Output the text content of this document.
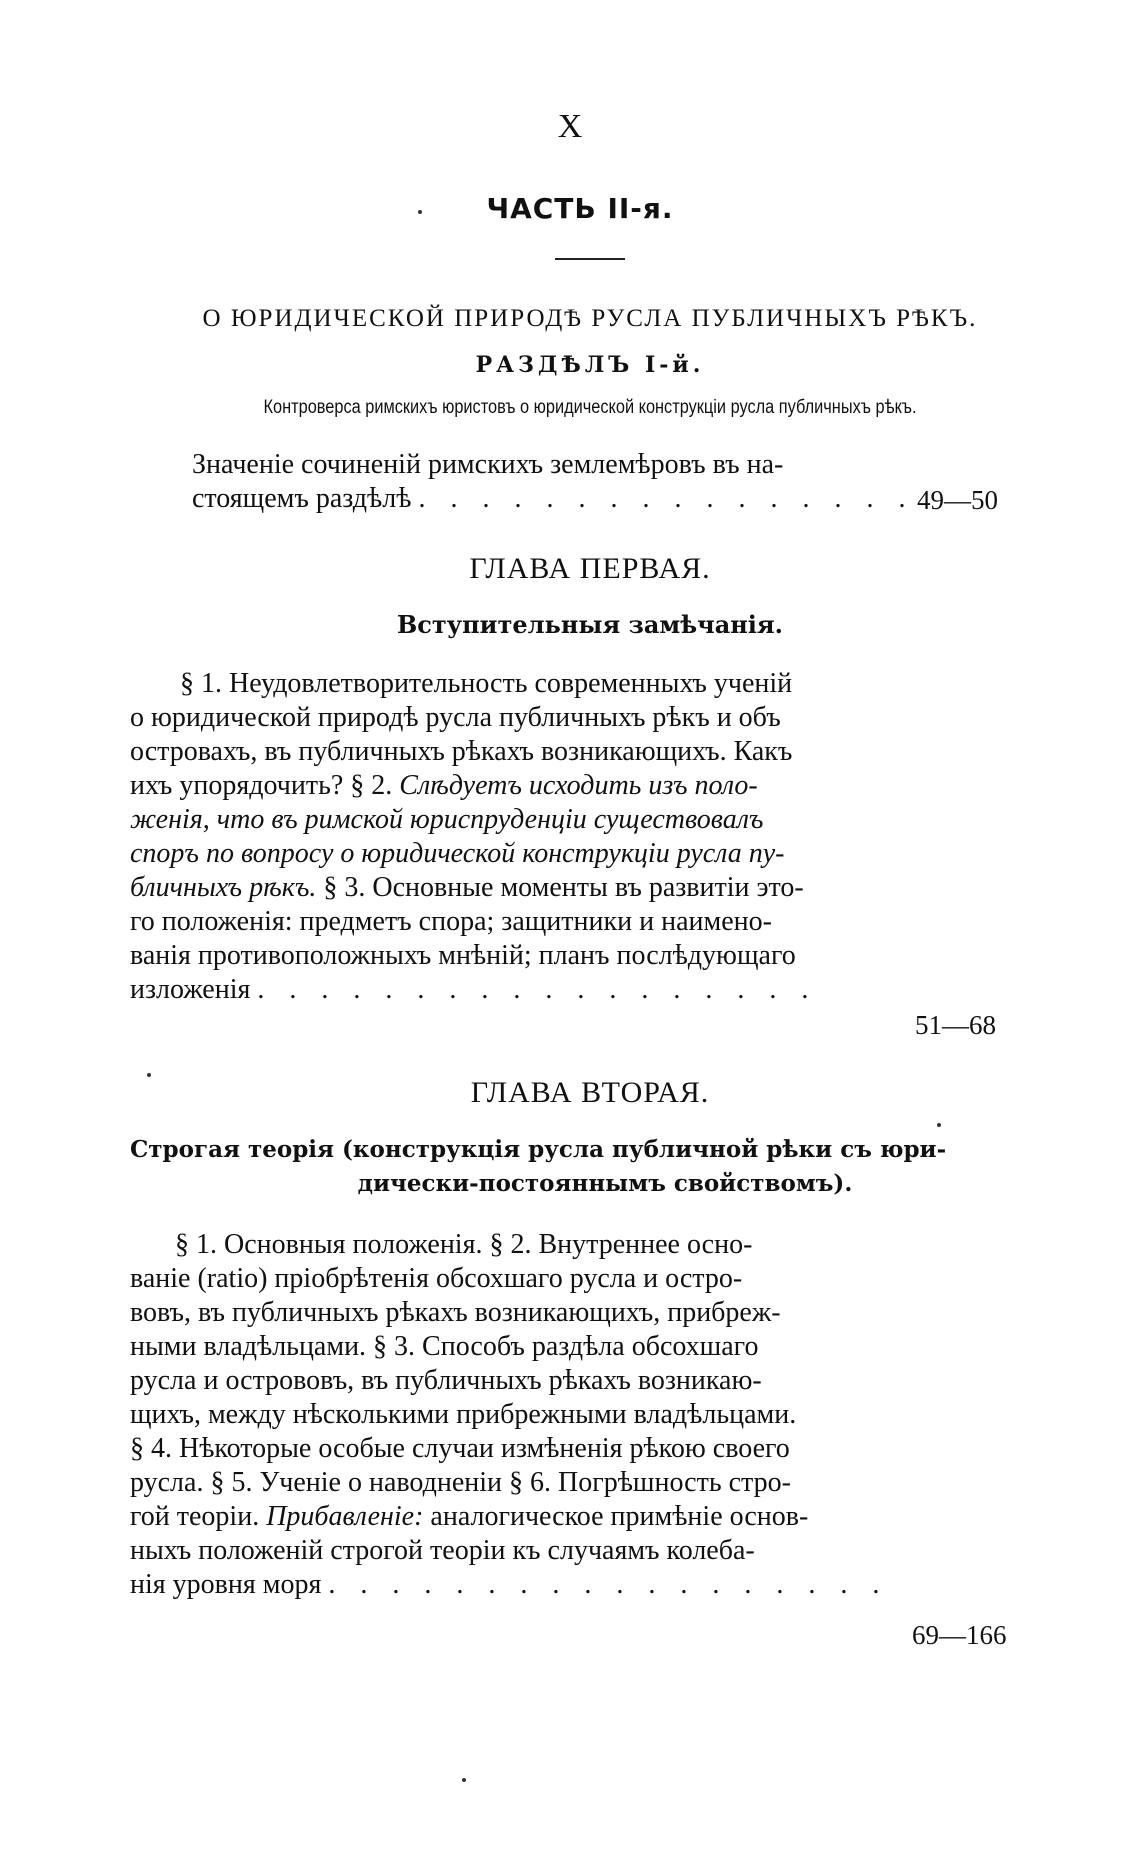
X
ЧАСТЬ II-я.
О ЮРИДИЧЕСКОЙ ПРИРОДѢ РУСЛА ПУБЛИЧНЫХЪ РѢКЪ.
РАЗДѢЛЪ І-й.
Контроверса римскихъ юристовъ о юридической конструкціи русла публичныхъ рѣкъ.
Значеніе сочиненій римскихъ землемѣровъ въ на-
стоящемъ раздѣлѣ . . . . . . . . . . . . . . . . 49—50
ГЛАВА ПЕРВАЯ.
Вступительныя замѣчанія.
§ 1. Неудовлетворительность современныхъ ученій
о юридической природѣ русла публичныхъ рѣкъ и объ
островахъ, въ публичныхъ рѣкахъ возникающихъ. Какъ
ихъ упорядочить? § 2. Слѣдуетъ исходить изъ поло-
женія, что въ римской юриспруденціи существовалъ
споръ по вопросу о юридической конструкціи русла пу-
бличныхъ рѣкъ. § 3. Основные моменты въ развитіи это-
го положенія: предметъ спора; защитники и наимено-
ванія противоположныхъ мнѣній; планъ послѣдующаго
изложенія . . . . . . . . . . . . . . . . . .
51—68
ГЛАВА ВТОРАЯ.
Строгая теорія (конструкція русла публичной рѣки съ юри-
дически-постояннымъ свойствомъ).
§ 1. Основныя положенія. § 2. Внутреннее осно-
ваніе (ratio) пріобрѣтенія обсохшаго русла и остро-
вовъ, въ публичныхъ рѣкахъ возникающихъ, прибреж-
ными владѣльцами. § 3. Способъ раздѣла обсохшаго
русла и острововъ, въ публичныхъ рѣкахъ возникаю-
щихъ, между нѣсколькими прибрежными владѣльцами.
§ 4. Нѣкоторые особые случаи измѣненія рѣкою своего
русла. § 5. Ученіе о наводненіи § 6. Погрѣшность стро-
гой теоріи. Прибавленіе: аналогическое примѣніе основ-
ныхъ положеній строгой теоріи къ случаямъ колеба-
нія уровня моря . . . . . . . . . . . . . . . . . .
69—166
